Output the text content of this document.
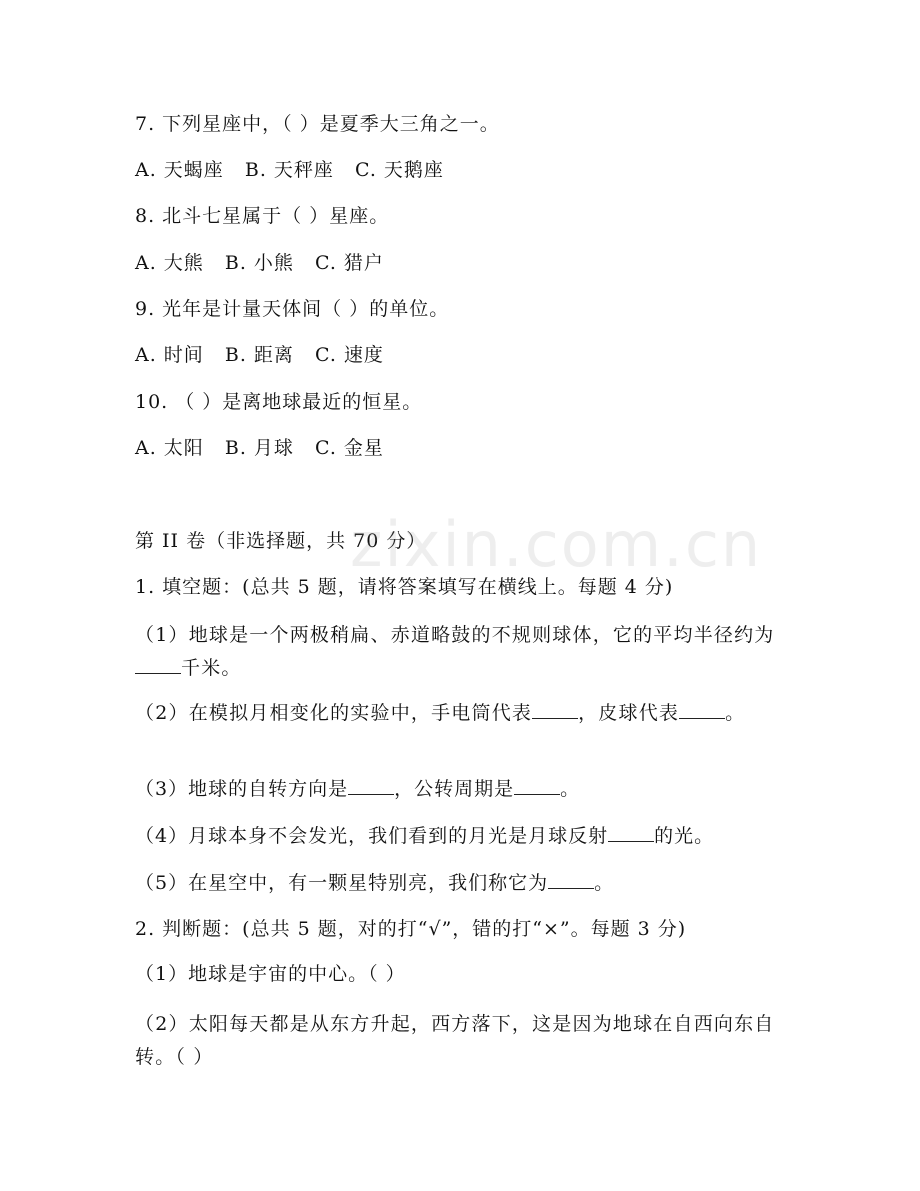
7. 下列星座中，（ ）是夏季大三角之一。
A. 天蝎座 B. 天秤座 C. 天鹅座
8. 北斗七星属于（ ）星座。
A. 大熊 B. 小熊 C. 猎户
9. 光年是计量天体间（ ）的单位。
A. 时间 B. 距离 C. 速度
10. （ ）是离地球最近的恒星。
A. 太阳 B. 月球 C. 金星
第 II 卷（非选择题，共 70 分）
1. 填空题：(总共 5 题，请将答案填写在横线上。每题 4 分)
（1）地球是一个两极稍扁、赤道略鼓的不规则球体，它的平均半径约为千米。
（2）在模拟月相变化的实验中，手电筒代表 ，皮球代表 。
（3）地球的自转方向是 ，公转周期是 。
（4）月球本身不会发光，我们看到的月光是月球反射 的光。
（5）在星空中，有一颗星特别亮，我们称它为 。
2. 判断题：(总共 5 题，对的打“√”，错的打“×”。每题 3 分)
（1）地球是宇宙的中心。（ ）
（2）太阳每天都是从东方升起，西方落下，这是因为地球在自西向东自转。（ ）
zixin.com.cn
